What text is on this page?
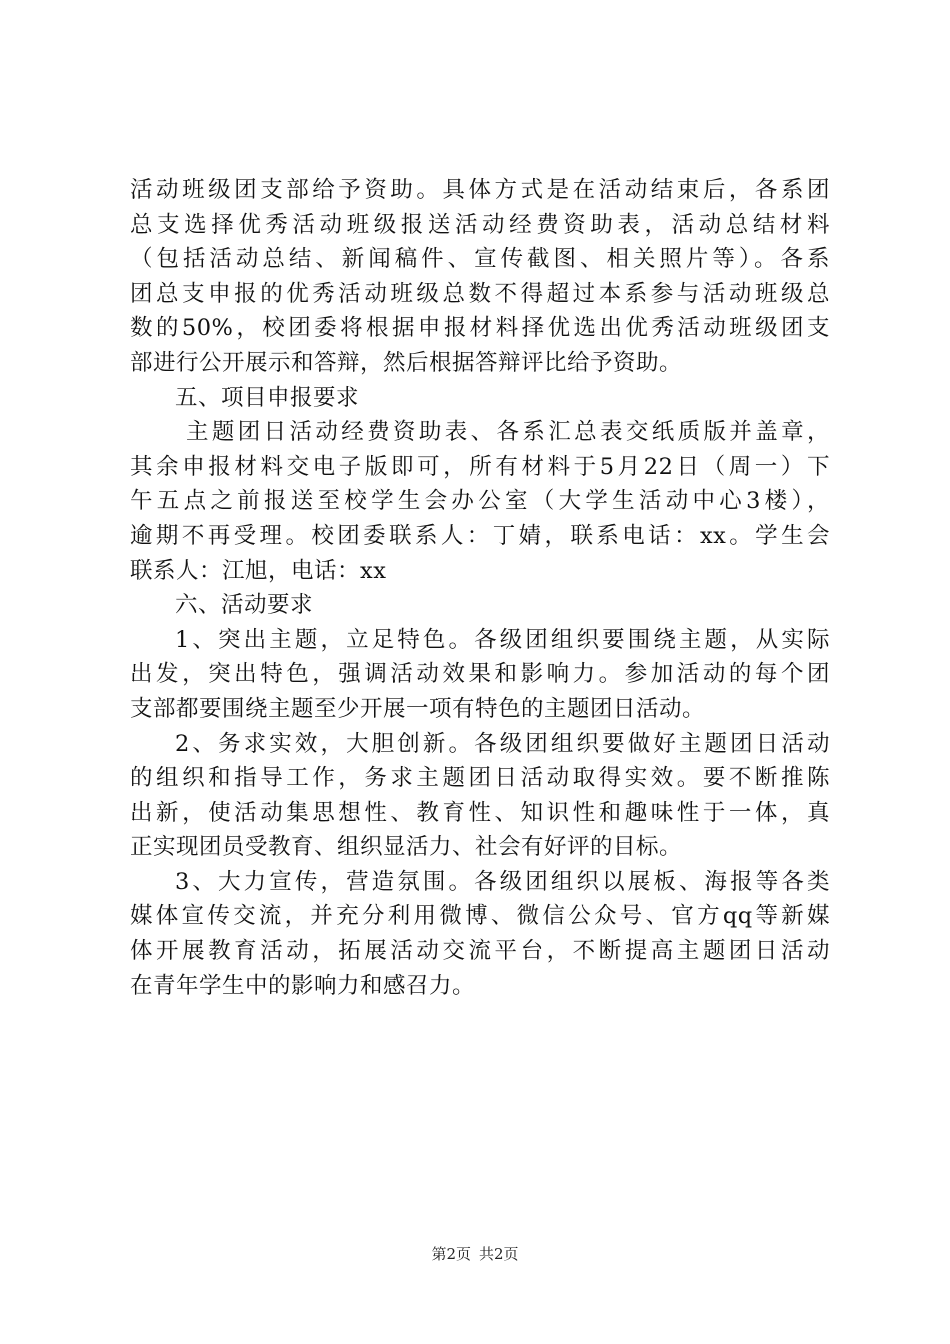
活动班级团支部给予资助。具体方式是在活动结束后，各系团
总支选择优秀活动班级报送活动经费资助表，活动总结材料
（包括活动总结、新闻稿件、宣传截图、相关照片等）。各系
团总支申报的优秀活动班级总数不得超过本系参与活动班级总
数的50%，校团委将根据申报材料择优选出优秀活动班级团支
部进行公开展示和答辩，然后根据答辩评比给予资助。
五、项目申报要求
主题团日活动经费资助表、各系汇总表交纸质版并盖章，
其余申报材料交电子版即可，所有材料于5月22日（周一）下
午五点之前报送至校学生会办公室（大学生活动中心3楼），
逾期不再受理。校团委联系人：丁婧，联系电话：xx。学生会
联系人：江旭，电话：xx
六、活动要求
1、突出主题，立足特色。各级团组织要围绕主题，从实际
出发，突出特色，强调活动效果和影响力。参加活动的每个团
支部都要围绕主题至少开展一项有特色的主题团日活动。
2、务求实效，大胆创新。各级团组织要做好主题团日活动
的组织和指导工作，务求主题团日活动取得实效。要不断推陈
出新，使活动集思想性、教育性、知识性和趣味性于一体，真
正实现团员受教育、组织显活力、社会有好评的目标。
3、大力宣传，营造氛围。各级团组织以展板、海报等各类
媒体宣传交流，并充分利用微博、微信公众号、官方qq等新媒
体开展教育活动，拓展活动交流平台，不断提高主题团日活动
在青年学生中的影响力和感召力。
第2页 共2页
